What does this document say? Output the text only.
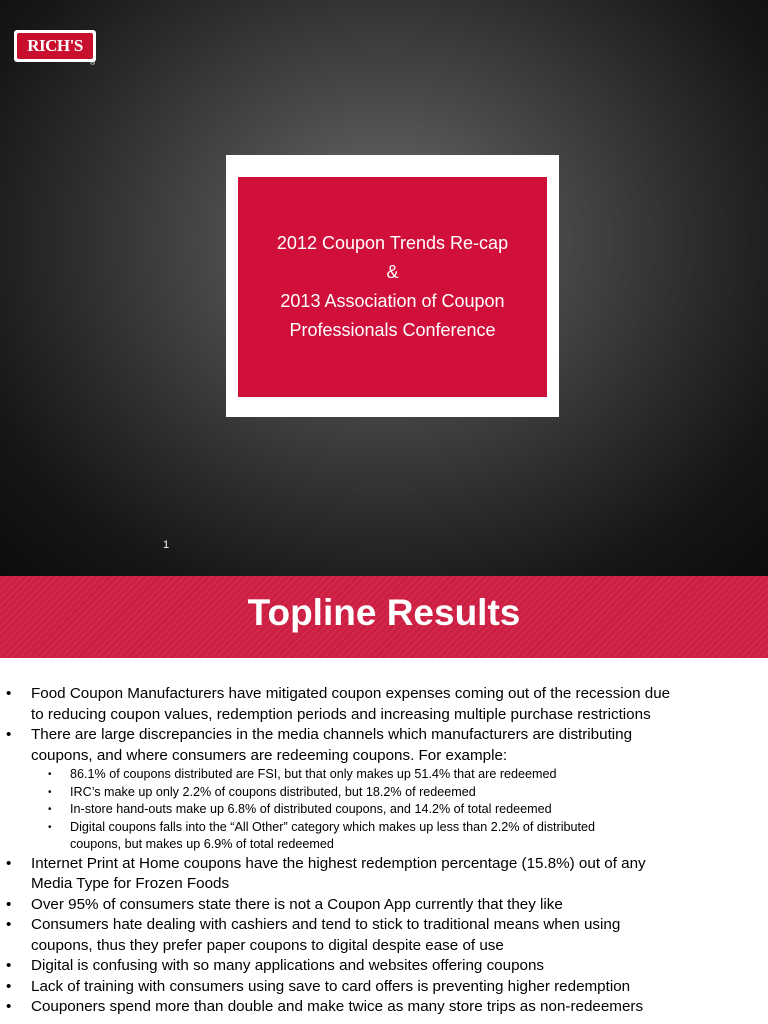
RICH'S
®
2012 Coupon Trends Re-cap
&
2013 Association of Coupon
Professionals Conference
1
Topline Results
• Food Coupon Manufacturers have mitigated coupon expenses coming out of the recession due
to reducing coupon values, redemption periods and increasing multiple purchase restrictions
• There are large discrepancies in the media channels which manufacturers are distributing
coupons, and where consumers are redeeming coupons. For example:
• 86.1% of coupons distributed are FSI, but that only makes up 51.4% that are redeemed
• IRC’s make up only 2.2% of coupons distributed, but 18.2% of redeemed
• In-store hand-outs make up 6.8% of distributed coupons, and 14.2% of total redeemed
• Digital coupons falls into the “All Other” category which makes up less than 2.2% of distributed
coupons, but makes up 6.9% of total redeemed
• Internet Print at Home coupons have the highest redemption percentage (15.8%) out of any
Media Type for Frozen Foods
• Over 95% of consumers state there is not a Coupon App currently that they like
• Consumers hate dealing with cashiers and tend to stick to traditional means when using
coupons, thus they prefer paper coupons to digital despite ease of use
• Digital is confusing with so many applications and websites offering coupons
• Lack of training with consumers using save to card offers is preventing higher redemption
• Couponers spend more than double and make twice as many store trips as non-redeemers
